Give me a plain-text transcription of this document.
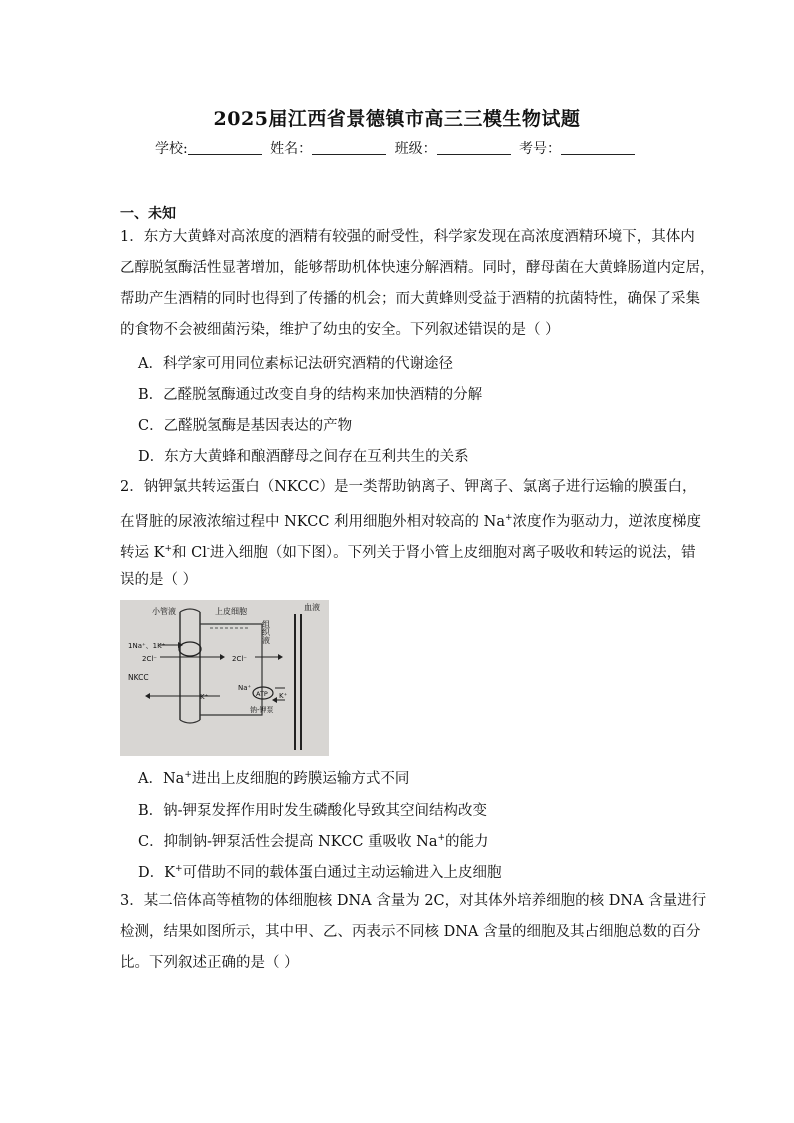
2025届江西省景德镇市高三三模生物试题
学校:	姓名：	班级：	考号：
一、未知
1．东方大黄蜂对高浓度的酒精有较强的耐受性，科学家发现在高浓度酒精环境下，其体内
乙醇脱氢酶活性显著增加，能够帮助机体快速分解酒精。同时，酵母菌在大黄蜂肠道内定居，
帮助产生酒精的同时也得到了传播的机会；而大黄蜂则受益于酒精的抗菌特性，确保了采集
的食物不会被细菌污染，维护了幼虫的安全。下列叙述错误的是（ ）
A．科学家可用同位素标记法研究酒精的代谢途径
B．乙醛脱氢酶通过改变自身的结构来加快酒精的分解
C．乙醛脱氢酶是基因表达的产物
D．东方大黄蜂和酿酒酵母之间存在互利共生的关系
2．钠钾氯共转运蛋白（NKCC）是一类帮助钠离子、钾离子、氯离子进行运输的膜蛋白，
在肾脏的尿液浓缩过程中 NKCC 利用细胞外相对较高的 Na+浓度作为驱动力，逆浓度梯度
转运 K+和 Cl-进入细胞（如下图）。下列关于肾小管上皮细胞对离子吸收和转运的说法，错
误的是（ ）
小管液	上皮细胞
组织液
血液
1Na⁺、1K⁺
2Cl⁻	2Cl⁻
NKCC
K⁺
Na⁺
ATP K⁺
钠-钾泵
A．Na+进出上皮细胞的跨膜运输方式不同
B．钠-钾泵发挥作用时发生磷酸化导致其空间结构改变
C．抑制钠-钾泵活性会提高 NKCC 重吸收 Na+的能力
D．K+可借助不同的载体蛋白通过主动运输进入上皮细胞
3．某二倍体高等植物的体细胞核 DNA 含量为 2C，对其体外培养细胞的核 DNA 含量进行
检测，结果如图所示，其中甲、乙、丙表示不同核 DNA 含量的细胞及其占细胞总数的百分
比。下列叙述正确的是（ ）
